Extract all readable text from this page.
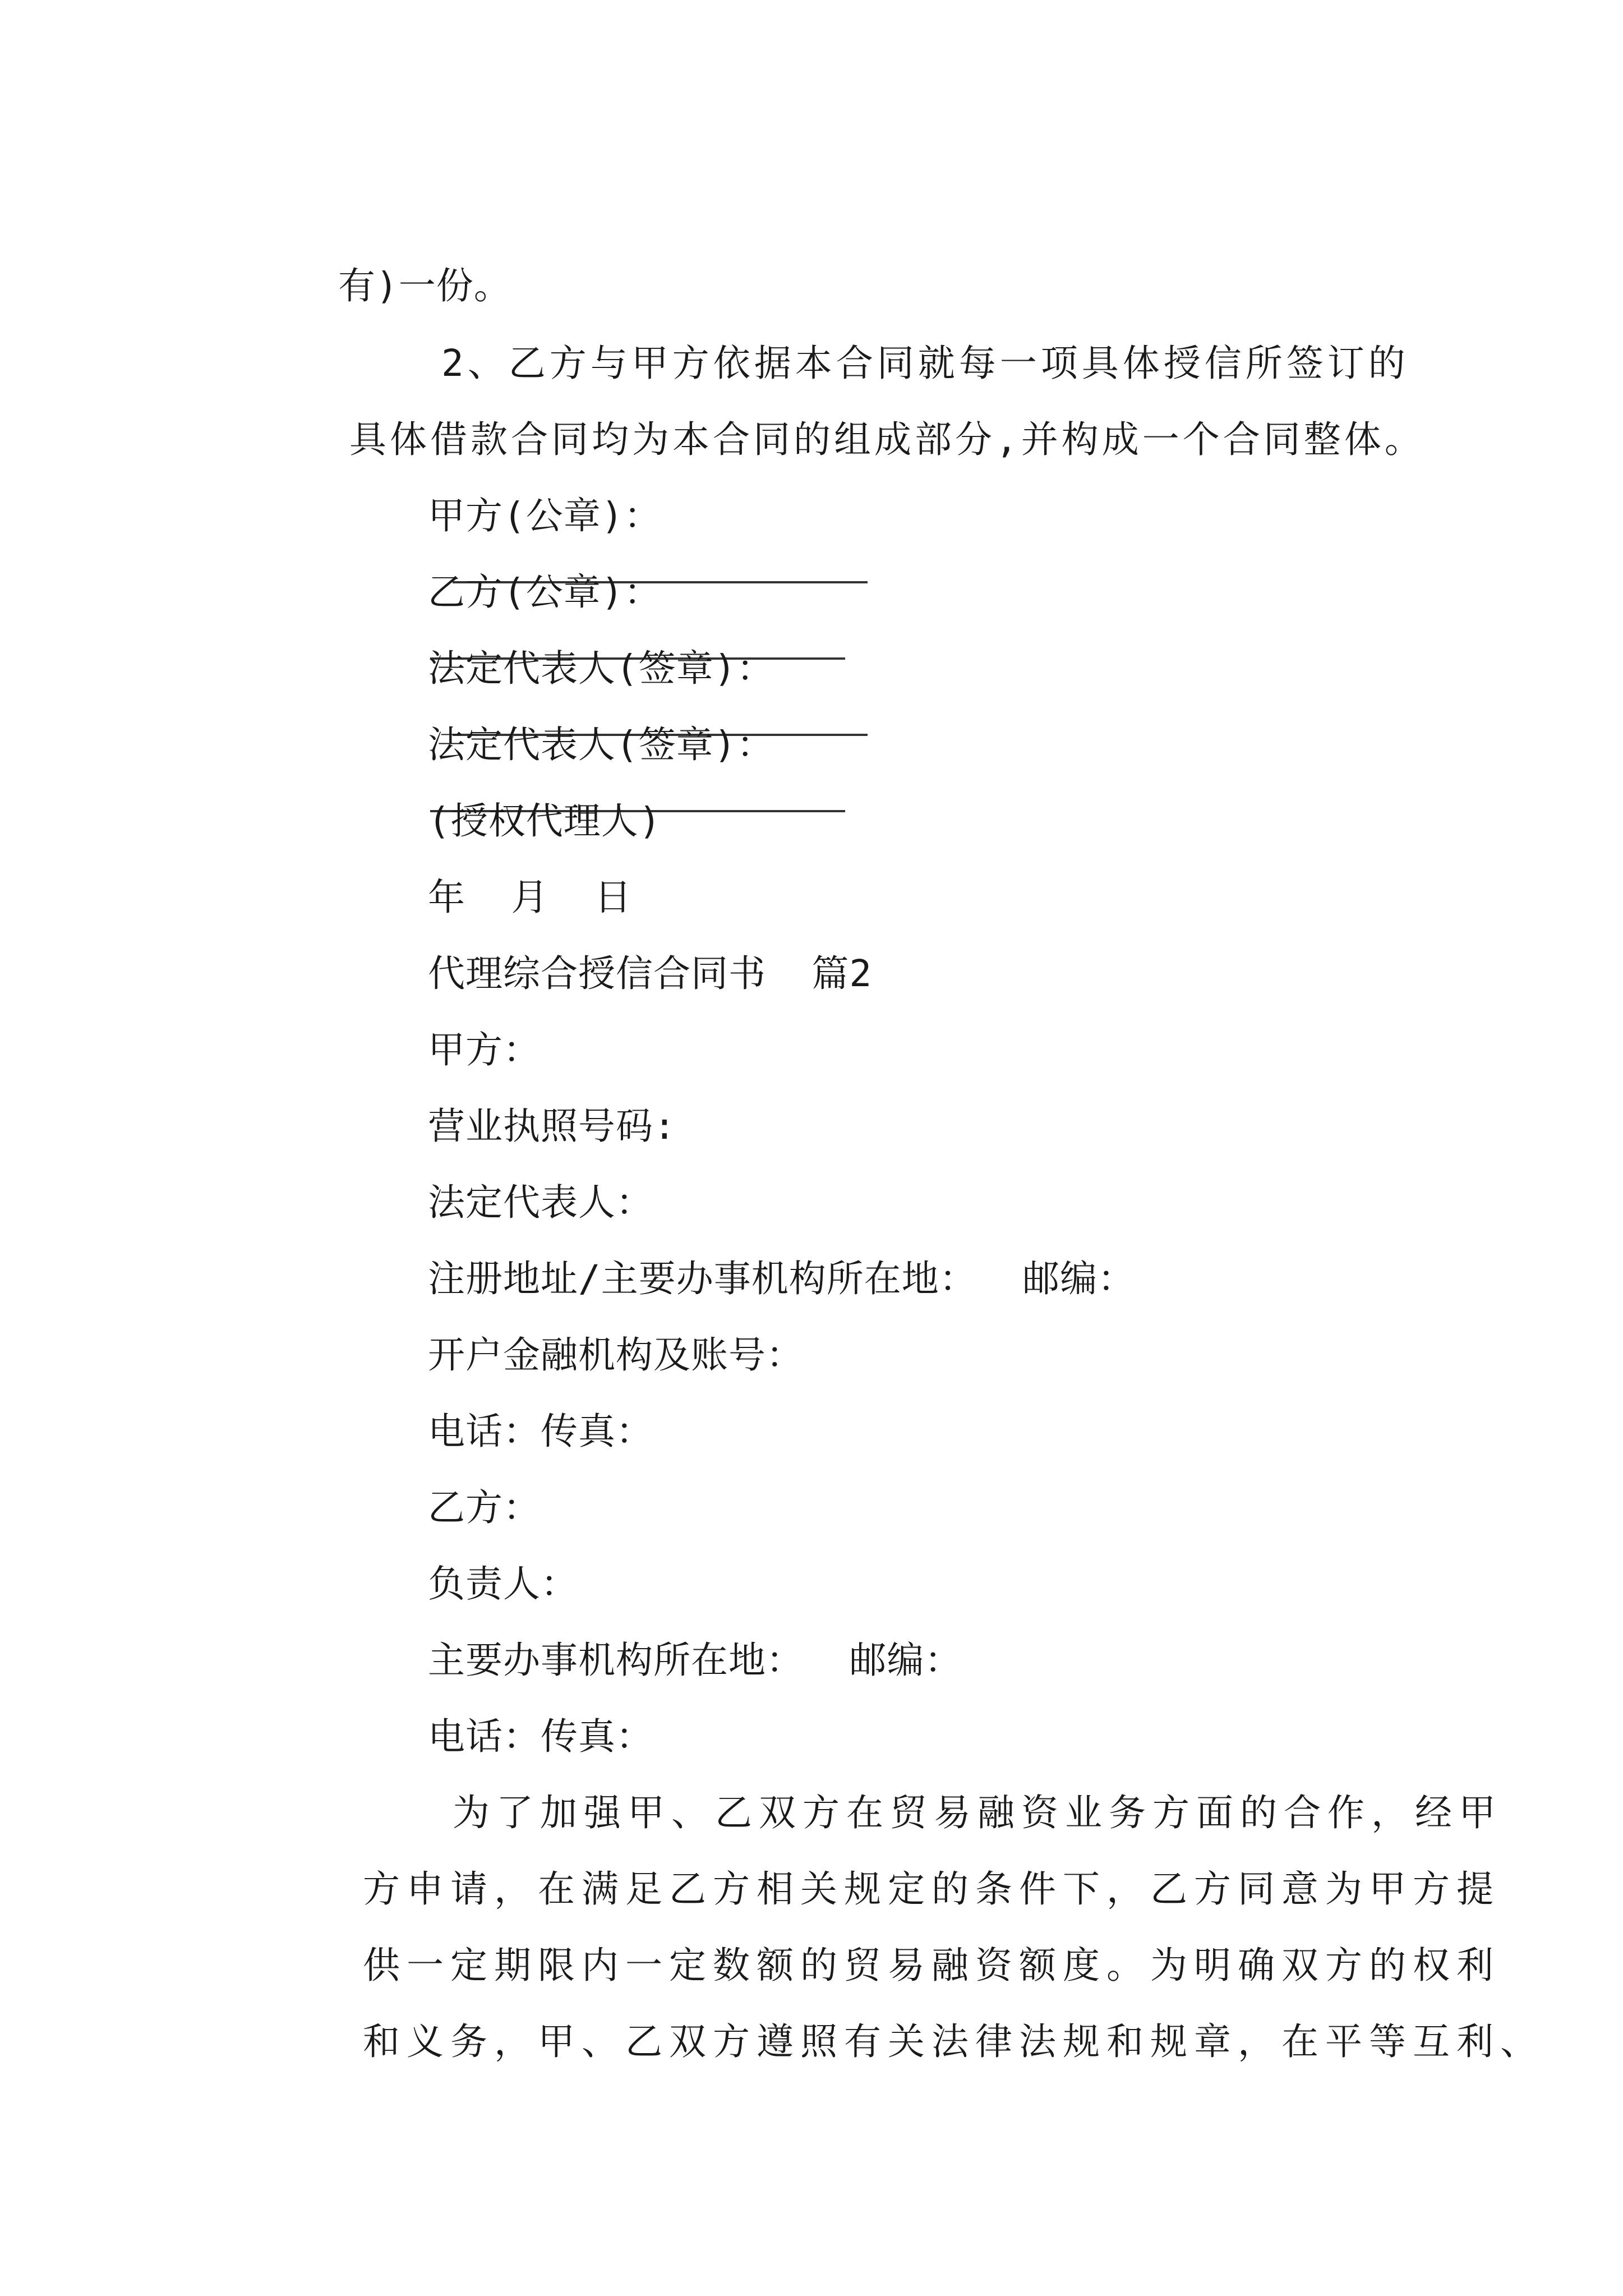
有)一份。

2、乙方与甲方依据本合同就每一项具体授信所签订的

具体借款合同均为本合同的组成部分,并构成一个合同整体。

甲方(公章)：

乙方(公章)：

法定代表人(签章)：

法定代表人(签章)：

(授权代理人)

年  月  日

代理综合授信合同书  篇2

甲方：

营业执照号码:

法定代表人：

注册地址/主要办事机构所在地：  邮编：

开户金融机构及账号：

电话：传真：

乙方：

负责人：

主要办事机构所在地：  邮编：

电话：传真：

为了加强甲、乙双方在贸易融资业务方面的合作，经甲

方申请，在满足乙方相关规定的条件下，乙方同意为甲方提

供一定期限内一定数额的贸易融资额度。为明确双方的权利

和义务，甲、乙双方遵照有关法律法规和规章，在平等互利、
